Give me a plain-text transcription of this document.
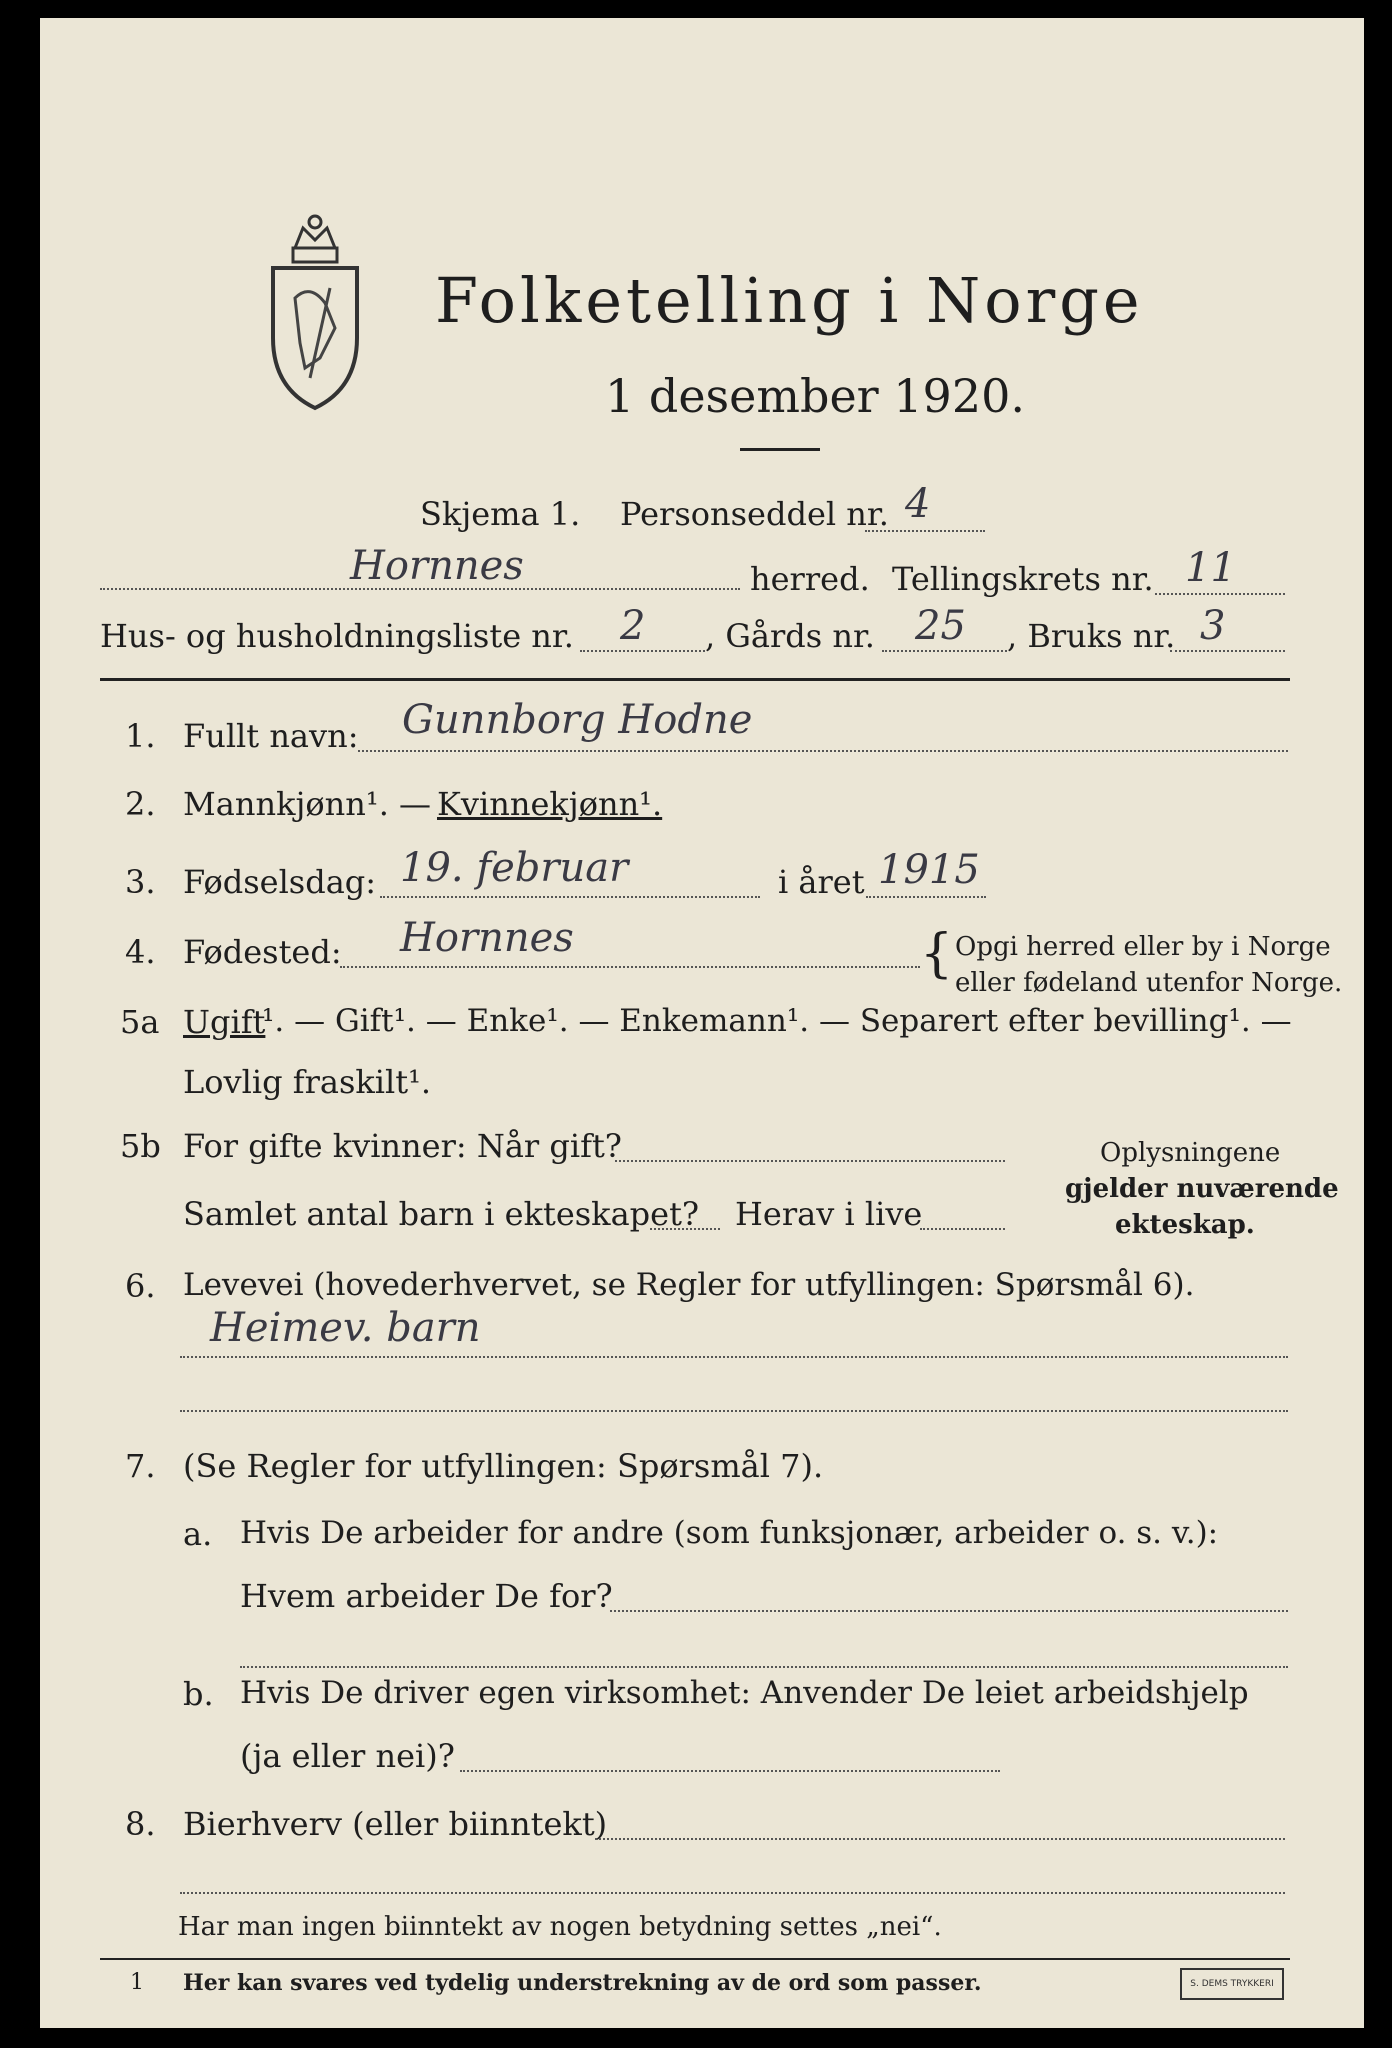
Folketelling i Norge
1 desember 1920.
Skjema 1. Personseddel nr. 4
Hornnes	herred. Tellingskrets nr. 11
Hus- og husholdningsliste nr. 2 , Gårds nr. 25 , Bruks nr. 3
1. Fullt navn: Gunnborg Hodne
2. Mannkjønn¹. — Kvinnekjønn¹.
3. Fødselsdag: 19. februar	i året 1915
4. Fødested: Hornnes	{ Opgi herred eller by i Norge
eller fødeland utenfor Norge.
5a Ugift
¹. — Gift¹. — Enke¹. — Enkemann¹. — Separert efter bevilling¹. —
Lovlig fraskilt¹.
5b For gifte kvinner: Når gift?
Samlet antal barn i ekteskapet? Herav i live
Oplysningene
gjelder nuværende
ekteskap.
6. Levevei (hovederhvervet, se Regler for utfyllingen: Spørsmål 6).
Heimev. barn
7. (Se Regler for utfyllingen: Spørsmål 7).
a. Hvis De arbeider for andre (som funksjonær, arbeider o. s. v.):
Hvem arbeider De for?
b. Hvis De driver egen virksomhet: Anvender De leiet arbeidshjelp
(ja eller nei)?
8. Bierhverv (eller biinntekt)
Har man ingen biinntekt av nogen betydning settes „nei“.
1 Her kan svares ved tydelig understrekning av de ord som passer.	S. DEMS TRYKKERI
